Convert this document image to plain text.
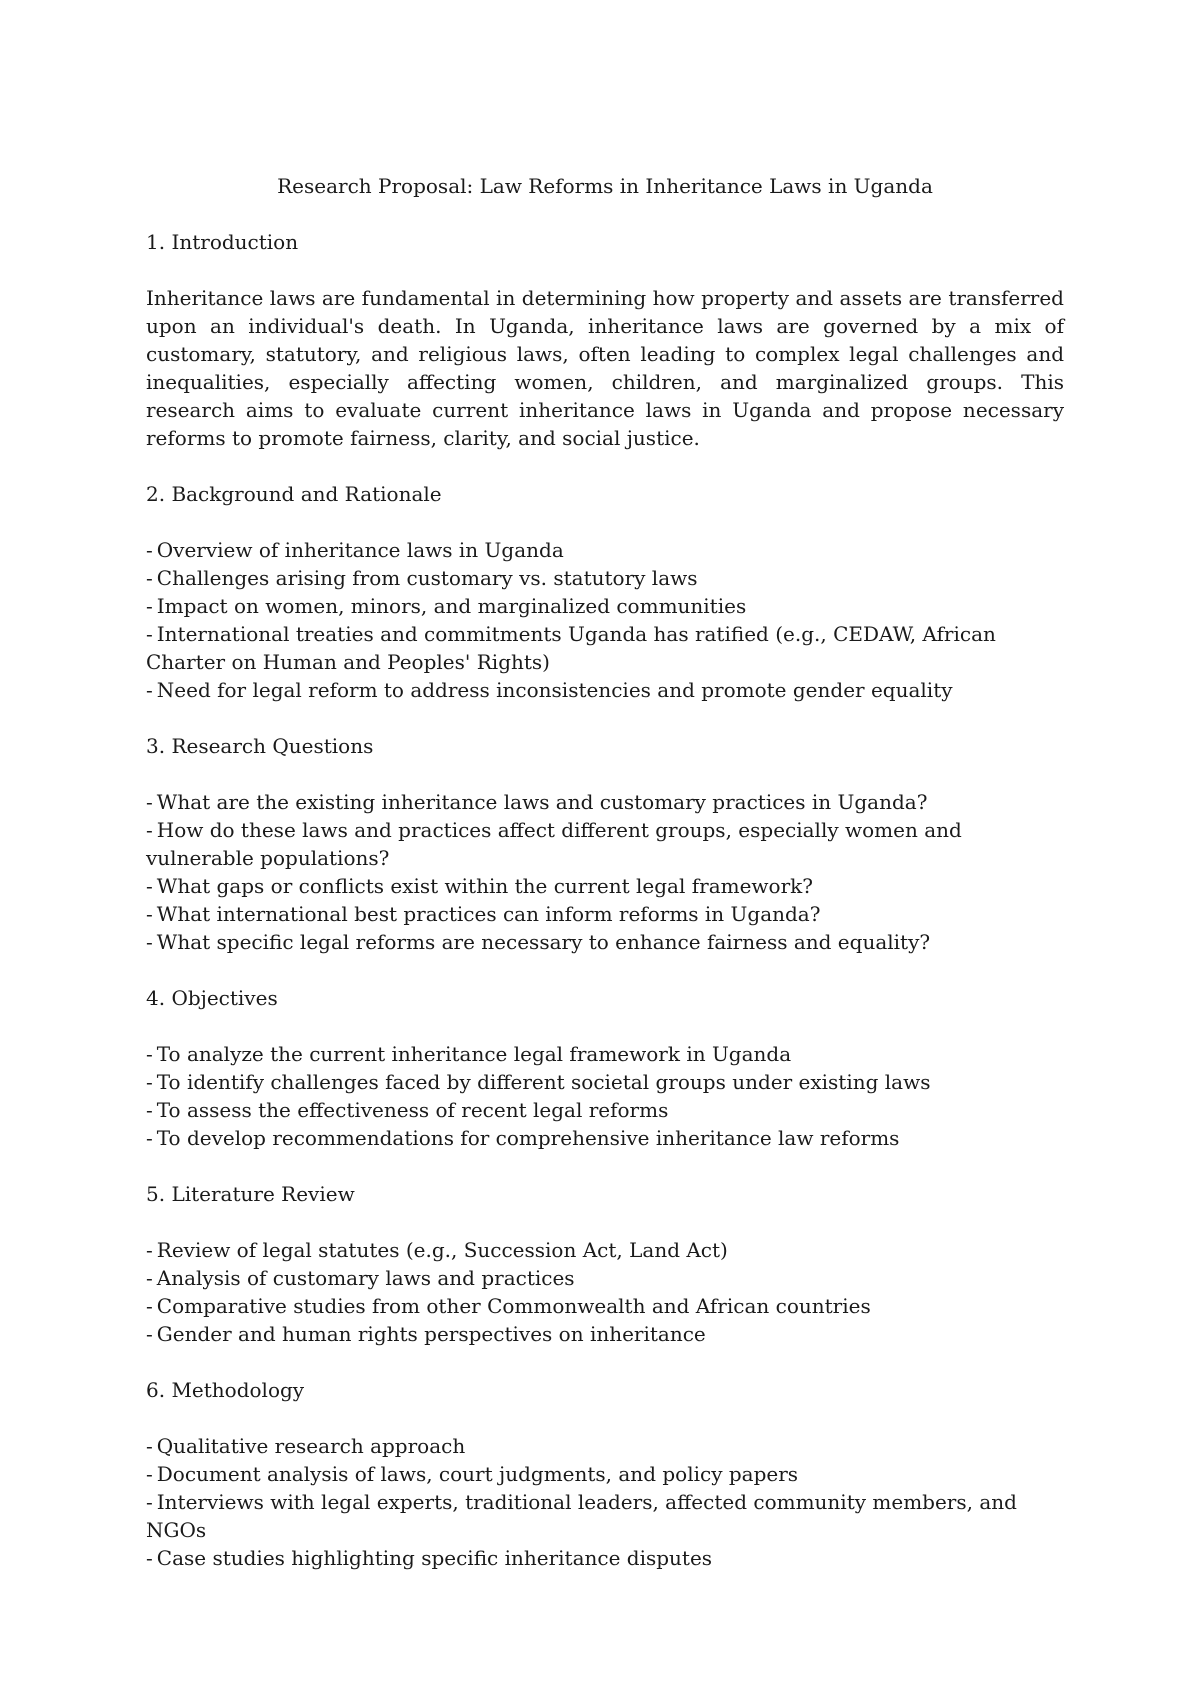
Research Proposal: Law Reforms in Inheritance Laws in Uganda
1. Introduction
Inheritance laws are fundamental in determining how property and assets are transferred upon an individual's death. In Uganda, inheritance laws are governed by a mix of customary, statutory, and religious laws, often leading to complex legal challenges and inequalities, especially affecting women, children, and marginalized groups. This research aims to evaluate current inheritance laws in Uganda and propose necessary reforms to promote fairness, clarity, and social justice.
2. Background and Rationale
- Overview of inheritance laws in Uganda
- Challenges arising from customary vs. statutory laws
- Impact on women, minors, and marginalized communities
- International treaties and commitments Uganda has ratified (e.g., CEDAW, African Charter on Human and Peoples' Rights)
- Need for legal reform to address inconsistencies and promote gender equality
3. Research Questions
- What are the existing inheritance laws and customary practices in Uganda?
- How do these laws and practices affect different groups, especially women and vulnerable populations?
- What gaps or conflicts exist within the current legal framework?
- What international best practices can inform reforms in Uganda?
- What specific legal reforms are necessary to enhance fairness and equality?
4. Objectives
- To analyze the current inheritance legal framework in Uganda
- To identify challenges faced by different societal groups under existing laws
- To assess the effectiveness of recent legal reforms
- To develop recommendations for comprehensive inheritance law reforms
5. Literature Review
- Review of legal statutes (e.g., Succession Act, Land Act)
- Analysis of customary laws and practices
- Comparative studies from other Commonwealth and African countries
- Gender and human rights perspectives on inheritance
6. Methodology
- Qualitative research approach
- Document analysis of laws, court judgments, and policy papers
- Interviews with legal experts, traditional leaders, affected community members, and NGOs
- Case studies highlighting specific inheritance disputes
